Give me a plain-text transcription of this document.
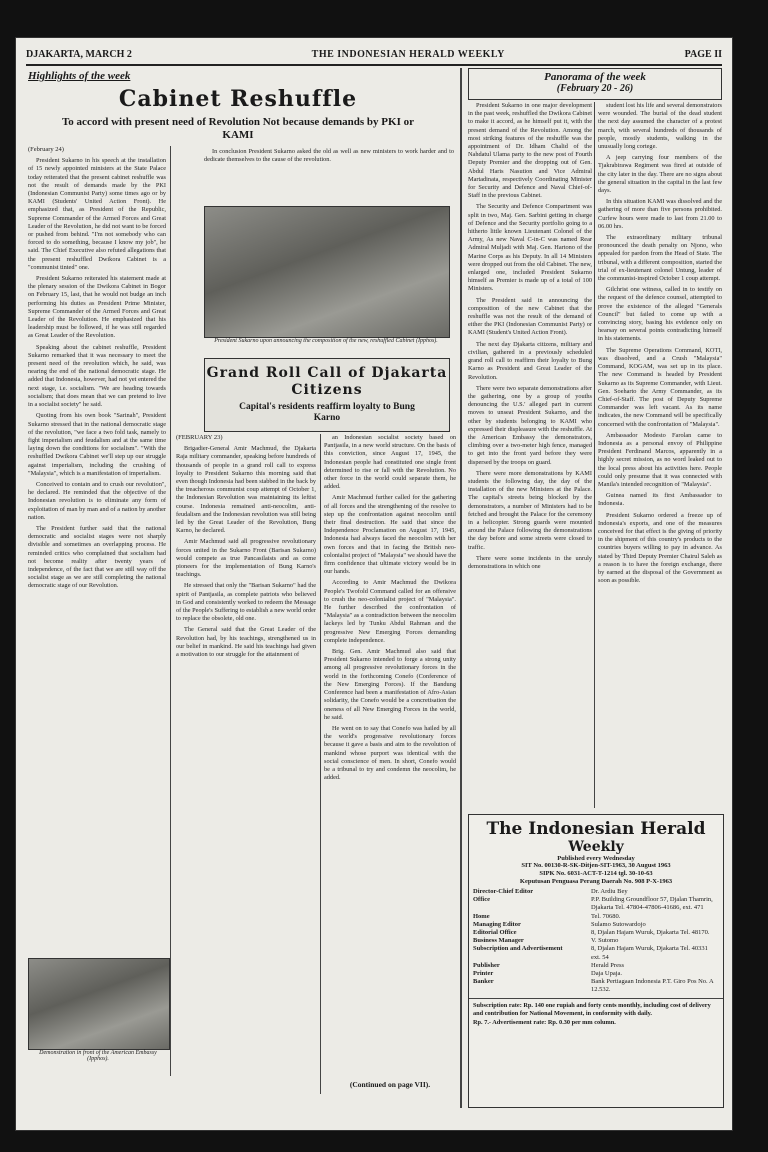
DJAKARTA, MARCH 2	THE INDONESIAN HERALD WEEKLY	PAGE II
Highlights of the week
Cabinet Reshuffle
To accord with present need of Revolution Not because demands by PKI or KAMI
(February 24)

President Sukarno in his speech at the installation of 15 newly appointed ministers at the State Palace today reiterated that the present cabinet reshuffle was not the result of demands made by the PKI (Indonesian Communist Party) some times ago or by KAMI (Students' United Action Front). He emphasized that, as President of the Republic, Supreme Commander of the Armed Forces and Great Leader of the Revolution, he did not want to be forced or pushed from behind. "I'm not somebody who can forced to do something, because I know my job", he said. The Chief Executive also refuted allegations that the present reshuffled Dwikora Cabinet is a "communist tinted" one.

President Sukarno reiterated his statement made at the plenary session of the Dwikora Cabinet in Bogor on February 15, last, that he would not budge an inch performing his duties as President Prime Minister, Supreme Commander of the Armed Forces and Great Leader of the Revolution. He emphasized that his leadership must be followed, if he was still regarded as Great Leader of the Revolution.

Speaking about the cabinet reshuffle, President Sukarno remarked that it was necessary to meet the present need of the revolution which, he said, was nearing the end of the national democratic stage. He added that Indonesia, however, had not yet entered the next stage, i.e. socialism. "We are heading towards socialism; that does mean that we can pretend to live in a socialist society" he said.

Quoting from his own book "Sarinah", President Sukarno stressed that in the national democratic stage of the revolution, "we face a two fold task, namely to fight imperialism and feudalism and at the same time laying down the conditions for socialism". "With the reshuffled Dwikora Cabinet we'll step up our struggle against imperialism, including the crushing of "Malaysia", which is a manifestation of imperialism.

Conceived to contain and to crush our revolution", he declared. He reminded that the objective of the Indonesian revolution is to eliminate any form of exploitation of man by man and of a nation by another nation.

The President further said that the national democratic and socialist stages were not sharply divisible and sometimes an overlapping process. He reminded critics who complained that socialism had not become reality after twenty years of independence, of the fact that we are still way off the socialist stage as we are still completing the national democratic stage of our Revolution.

In conclusion President Sukarno asked the old as well as new ministers to work harder and to dedicate themselves to the cause of the revolution.

President Sukarno upon announcing the composition of the new, reshuffled Cabinet (Ipphos).
Grand Roll Call of Djakarta Citizens
Capital's residents reaffirm loyalty to Bung Karno
(FEBRUARY 23)

Brigadier-General Amir Machmud, the Djakarta Raja military commander, speaking before hundreds of thousands of people in a grand roll call to express loyalty to President Sukarno this morning said that even though Indonesia had been stabbed in the back by the treacherous communist coup attempt of October 1, the Indonesian Revolution was maintaining its leftist course. Indonesia remained anti-neocolim, anti-feudalism and the Indonesian revolution was still being led by the Great Leader of the Revolution, Bung Karno, he declared.

Amir Machmud said all progressive revolutionary forces united in the Sukarno Front (Barisan Sukarno) would compete as true Pancasilaists and as come pioneers for the implementation of Bung Karno's teachings.

He stressed that only the "Barisan Sukarno" had the spirit of Pantjasila, as complete patriots who believed in God and consistently worked to redeem the Message of the People's Suffering to establish a new world order to replace the obsolete, old one.

The General said that the Great Leader of the Revolution had, by his teachings, strengthened us in our belief in mankind. He said his teachings had given a motivation to our struggle for the attainment of

an Indonesian socialist society based on Pantjasila, in a new world structure. On the basis of this conviction, since August 17, 1945, the Indonesian people had constituted one single front determined to rise or fall with the Revolution. No other force in the world could separate them, he added.

Amir Machmud further called for the gathering of all forces and the strengthening of the resolve to step up the confrontation against neocolim until their final destruction. He said that since the Independence Proclamation on August 17, 1945, Indonesia had always faced the neocolim with her own forces and that in facing the British neo-colonialist project of "Malaysia" we should have the firm confidence that ultimate victory would be in our hands.

According to Amir Machmud the Dwikora People's Twofold Command called for an offensive to crush the neo-colonialist project of "Malaysia". He further described the confrontation of "Malaysia" as a contradiction between the neocolim lackeys led by Tunku Abdul Rahman and the progressive New Emerging Forces demanding complete independence.

Brig. Gen. Amir Machmud also said that President Sukarno intended to forge a strong unity among all progressive revolutionary forces in the world in the forthcoming Conefo (Conference of the New Emerging Forces). If the Bandung Conference had been a manifestation of Afro-Asian solidarity, the Conefo would be a concretisation the oneness of all New Emerging Forces in the world, he said.

He went on to say that Conefo was hailed by all the world's progressive revolutionary forces because it gave a basis and aim to the revolution of mankind whose purport was identical with the social conscience of men. In short, Conefo would be a tribunal to try and condemn the neocolim, he added.

(Continued on page VII).
Demonstration in front of the American Embassy (Ipphos).
Panorama of the week
(February 20 - 26)

President Sukarno in one major development in the past week, reshuffled the Dwikora Cabinet to make it accord, as he himself put it, with the present demand of the Revolution. Among the most striking features of the reshuffle was the appointment of Dr. Idham Chalid of the Nahdatul Ulama party to the new post of Fourth Deputy Premier and the dropping out of Gen. Abdul Haris Nasution and Vice Admiral Martadinata, respectively Coordinating Minister for Security and Defence and Naval Chief-of-Staff in the previous Cabinet.

The Security and Defence Compartment was split in two, Maj. Gen. Sarbini getting in charge of Defence and the Security portfolio going to a hitherto little known Lieutenant Colonel of the Army, As new Naval C-in-C was named Rear Admiral Muljadi with Maj. Gen. Hartono of the Marine Corps as his Deputy. In all 14 Ministers were dropped out from the old Cabinet. The new, enlarged one, included President Sukarno himself as Premier is made up of a total of 100 Ministers.

The President said in announcing the composition of the new Cabinet that the reshuffle was not the result of the demand of either the PKI (Indonesian Communist Party) or KAMI (Student's United Action Front).

The next day Djakarta citizens, military and civilian, gathered in a previously scheduled grand roll call to reaffirm their loyalty to Bung Karno as President and Great Leader of the Revolution.

There were two separate demonstrations after the gathering, one by a group of youths denouncing the U.S.' alleged part in current moves to unseat President Sukarno, and the other by students belonging to KAMI who expressed their displeasure with the reshuffle. At the American Embassy the demonstrators, climbing over a two-meter high fence, managed to get into the front yard before they were dispersed by the troops on guard.

There were more demonstrations by KAMI students the following day, the day of the installation of the new Ministers at the Palace. The capital's streets being blocked by the demonstrators, a number of Ministers had to be fetched and brought the Palace for the ceremony in a helicopter. Strong guards were mounted around the Palace following the demonstrations the day before and some streets were closed to traffic.

There were some incidents in the unruly demonstrations in which one

student lost his life and several demonstrators were wounded. The burial of the dead student the next day assumed the character of a protest march, with several hundreds of thousands of people, mostly students, walking in the unusually long cortege.

A jeep carrying four members of the Tjakrabirawa Regiment was fired at outside of the city later in the day. There are no signs about the general situation in the capital in the last few days.

In this situation KAMI was dissolved and the gathering of more than five persons prohibited. Curfew hours were made to last from 21.00 to 06.00 hrs.

The extraordinary military tribunal pronounced the death penalty on Njono, who appealed for pardon from the Head of State. The tribunal, with a different composition, started the trial of ex-lieutenant colonel Untung, leader of the communist-inspired October 1 coup attempt.

Gilchrist one witness, called in to testify on the request of the defence counsel, attempted to prove the existence of the alleged "Generals Council" but failed to come up with a convincing story, basing his evidence only on hearsay on several points contradicting himself in his statements.

The Supreme Operations Command, KOTI, was dissolved, and a Crush "Malaysia" Command, KOGAM, was set up in its place. The new Command is headed by President Sukarno as its Supreme Commander, with Lieut. Gen. Soeharto the Army Commander, as its Chief-of-Staff. The post of Deputy Supreme Commander was left vacant. As its name indicates, the new Command will be specifically concerned with the confrontation of "Malaysia".

Ambassador Modesto Farolan came to Indonesia as a personal envoy of Philippine President Ferdinand Marcos, apparently in a highly secret mission, as no word leaked out to the local press about his activities here. People could only presume that it was connected with Manila's intended recognition of "Malaysia".

Guinea named its first Ambassador to Indonesia.

President Sukarno ordered a freeze up of Indonesia's exports, and one of the measures conceived for that effect is the giving of priority in the shipment of this country's products to the countries buyers willing to pay in advance. As stated by Third Deputy Premier Chairul Saleh as a reason is to have the foreign exchange, there by earned at the disposal of the Government as soon as possible.

The Indonesian Herald
Weekly
Published every Wednesday
SIT No. 00130-R-SK-Ditjen-SIT-1963, 30 August 1963
SIPK No. 6031-ACT-T-1214 tgl. 30-10-63
Keputusan Penguasa Perang Daerah No. 908 P-X-1963
Director-Chief Editor	Dr. Ardiu Bey
Office	P.P. Building Groundfloor 57, Djalan Thamrin, Djakarta Tel. 47804-47806-41686, ext. 471
Home	Tel. 70680.
Managing Editor	Sulamo Sutowardojo
Editorial Office	8, Djalan Hajam Wuruk, Djakarta Tel. 48170.
Business Manager	V. Sutomo
Subscription and Advertisement	8, Djalan Hajam Wuruk, Djakarta Tel. 40331 ext. 54
Publisher	Herald Press
Printer	Daja Upaja.
Banker	Bank Pertiagaan Indonesia P.T. Giro Pos No. A 12.532.
Subscription rate: Rp. 140 one rupiah and forty cents monthly, including cost of delivery and contribution for National Movement, in conformity with daily.
Rp. 7.- Advertisement rate: Rp. 0.30 per mm column.
